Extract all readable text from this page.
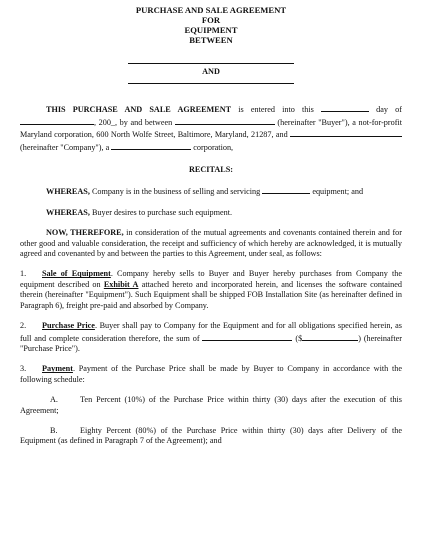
PURCHASE AND SALE AGREEMENT
FOR
EQUIPMENT
BETWEEN
AND

THIS PURCHASE AND SALE AGREEMENT is entered into this	day of , 200_, by and between	(hereinafter "Buyer"), a not-for-profit Maryland corporation, 600 North Wolfe Street, Baltimore, Maryland, 21287, and  (hereinafter "Company"), a	corporation,

RECITALS:

WHEREAS, Company is in the business of selling and servicing	equipment; and

WHEREAS, Buyer desires to purchase such equipment.

NOW, THEREFORE, in consideration of the mutual agreements and covenants contained therein and for other good and valuable consideration, the receipt and sufficiency of which hereby are acknowledged, it is mutually agreed and covenanted by and between the parties to this Agreement, under seal, as follows:

1. Sale of Equipment. Company hereby sells to Buyer and Buyer hereby purchases from Company the equipment described on Exhibit A attached hereto and incorporated herein, and licenses the software contained therein (hereinafter "Equipment"). Such Equipment shall be shipped FOB Installation Site (as hereinafter defined in Paragraph 6), freight pre-paid and absorbed by Company.

2. Purchase Price. Buyer shall pay to Company for the Equipment and for all obligations specified herein, as full and complete consideration therefore, the sum of	($	) (hereinafter "Purchase Price").

3. Payment. Payment of the Purchase Price shall be made by Buyer to Company in accordance with the following schedule:

A.	Ten Percent (10%) of the Purchase Price within thirty (30) days after the execution of this Agreement;

B.	Eighty Percent (80%) of the Purchase Price within thirty (30) days after Delivery of the Equipment (as defined in Paragraph 7 of the Agreement); and
